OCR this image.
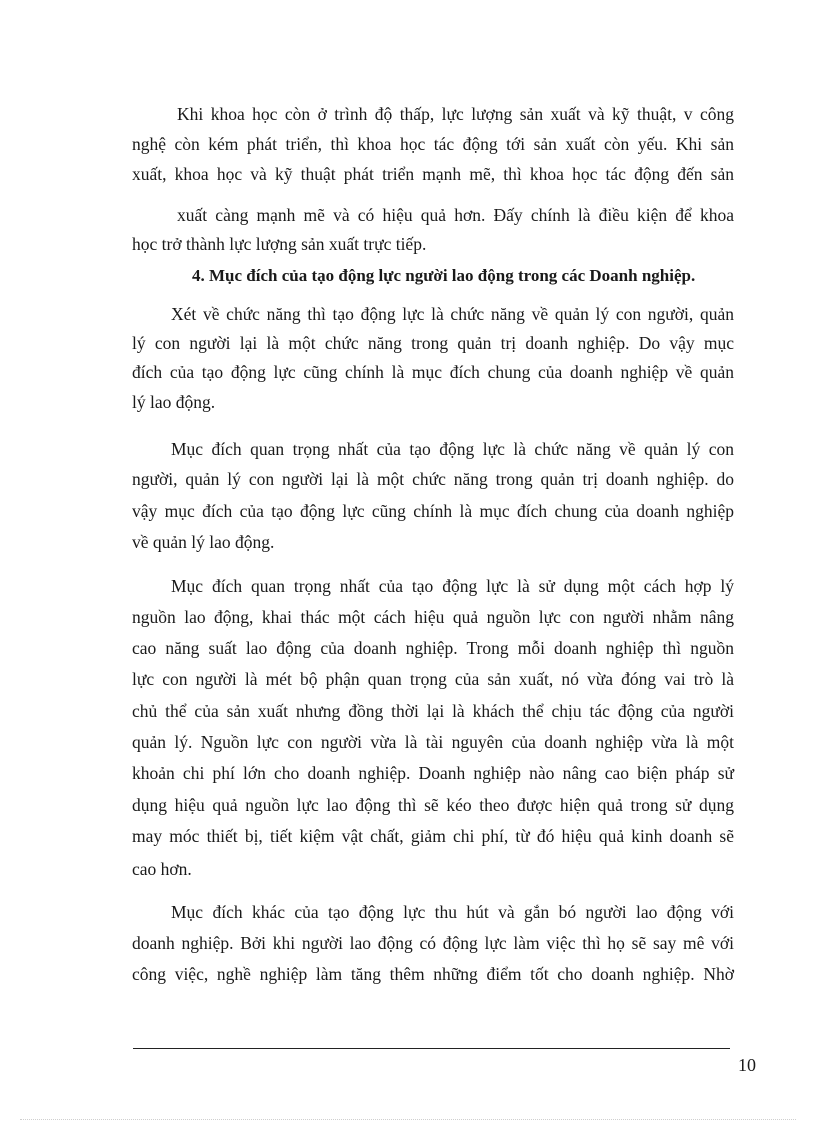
Khi khoa học còn ở trình độ thấp, lực lượng sản xuất và kỹ thuật, v công
nghệ còn kém phát triển, thì khoa học tác động tới sản xuất còn yếu. Khi sản
xuất, khoa học và kỹ thuật phát triển mạnh mẽ, thì khoa học tác động đến sản
xuất càng mạnh mẽ và có hiệu quả hơn. Đấy chính là điều kiện để khoa
học trở thành lực lượng sản xuất trực tiếp.
4. Mục đích của tạo động lực người lao động trong các Doanh nghiệp.
Xét về chức năng thì tạo động lực là chức năng về quản lý con người, quản
lý con người lại là một chức năng trong quản trị doanh nghiệp. Do vậy mục
đích của tạo động lực cũng chính là mục đích chung của doanh nghiệp về quản
lý lao động.
Mục đích quan trọng nhất của tạo động lực là chức năng về quản lý con
người, quản lý con người lại là một chức năng trong quản trị doanh nghiệp. do
vậy mục đích của tạo động lực cũng chính là mục đích chung của doanh nghiệp
về quản lý lao động.
Mục đích quan trọng nhất của tạo động lực là sử dụng một cách hợp lý
nguồn lao động, khai thác một cách hiệu quả nguồn lực con người nhằm nâng
cao năng suất lao động của doanh nghiệp. Trong mỗi doanh nghiệp thì nguồn
lực con người là mét bộ phận quan trọng của sản xuất, nó vừa đóng vai trò là
chủ thể của sản xuất nhưng đồng thời lại là khách thể chịu tác động của người
quản lý. Nguồn lực con người vừa là tài nguyên của doanh nghiệp vừa là một
khoản chi phí lớn cho doanh nghiệp. Doanh nghiệp nào nâng cao biện pháp sử
dụng hiệu quả nguồn lực lao động thì sẽ kéo theo được hiện quả trong sử dụng
may móc thiết bị, tiết kiệm vật chất, giảm chi phí, từ đó hiệu quả kinh doanh sẽ
cao hơn.
Mục đích khác của tạo động lực thu hút và gắn bó người lao động với
doanh nghiệp. Bởi khi người lao động có động lực làm việc thì họ sẽ say mê với
công việc, nghề nghiệp làm tăng thêm những điểm tốt cho doanh nghiệp. Nhờ
10
